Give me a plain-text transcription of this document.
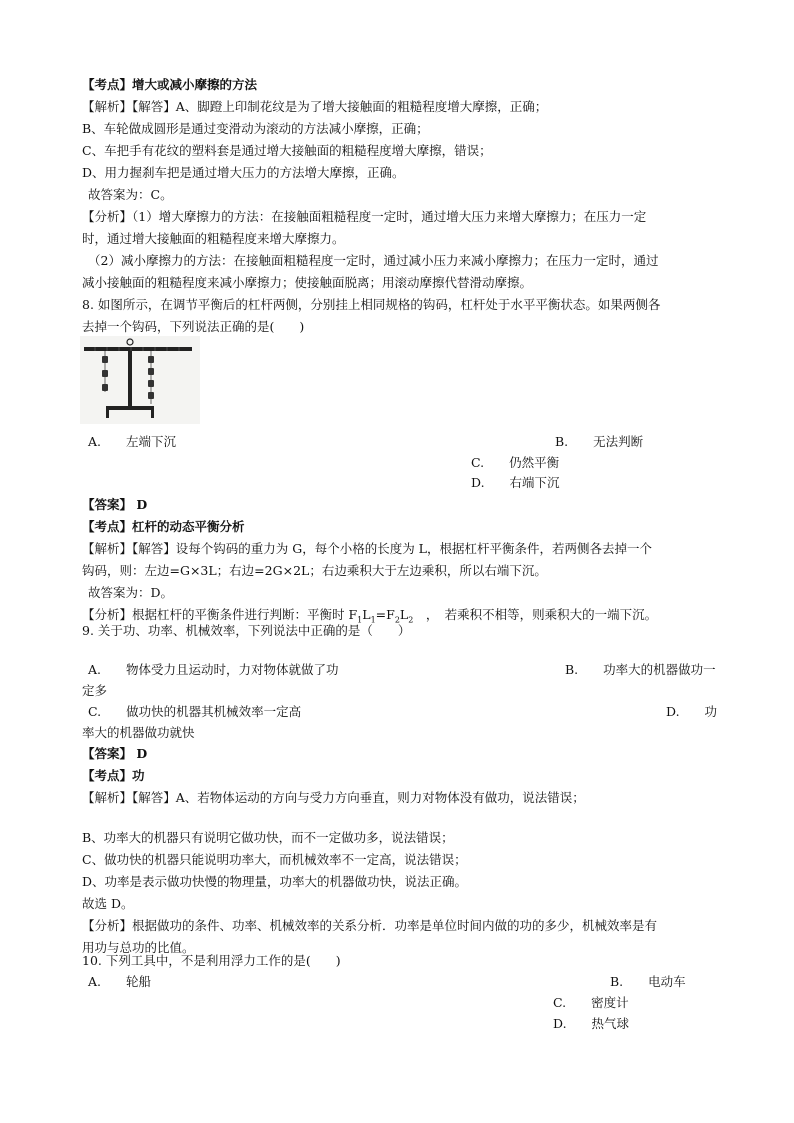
【考点】增大或减小摩擦的方法
【解析】【解答】A、脚蹬上印制花纹是为了增大接触面的粗糙程度增大摩擦，正确；
B、车轮做成圆形是通过变滑动为滚动的方法减小摩擦，正确；
C、车把手有花纹的塑料套是通过增大接触面的粗糙程度增大摩擦，错误；
D、用力握刹车把是通过增大压力的方法增大摩擦，正确。
故答案为：C。
【分析】（1）增大摩擦力的方法：在接触面粗糙程度一定时，通过增大压力来增大摩擦力；在压力一定
时，通过增大接触面的粗糙程度来增大摩擦力。
（2）减小摩擦力的方法：在接触面粗糙程度一定时，通过减小压力来减小摩擦力；在压力一定时，通过
减小接触面的粗糙程度来减小摩擦力；使接触面脱离；用滚动摩擦代替滑动摩擦。
8. 如图所示，在调节平衡后的杠杆两侧，分别挂上相同规格的钩码，杠杆处于水平平衡状态。如果两侧各
去掉一个钩码，下列说法正确的是(　　)
A.　　左端下沉	B.　　无法判断
C.　　仍然平衡
D.　　右端下沉
【答案】 D
【考点】杠杆的动态平衡分析
【解析】【解答】设每个钩码的重力为 G，每个小格的长度为 L，根据杠杆平衡条件，若两侧各去掉一个
钩码，则：左边=G×3L；右边=2G×2L；右边乘积大于左边乘积，所以右端下沉。
故答案为：D。
【分析】根据杠杆的平衡条件进行判断：平衡时 $F_1L_1=F_2L_2$　，　若乘积不相等，则乘积大的一端下沉。
9. 关于功、功率、机械效率，下列说法中正确的是（　　）
A.　　物体受力且运动时，力对物体就做了功	B.　　功率大的机器做功一
定多
C.　　做功快的机器其机械效率一定高	D.　　功
率大的机器做功就快
【答案】 D
【考点】功
【解析】【解答】A、若物体运动的方向与受力方向垂直，则力对物体没有做功，说法错误；
B、功率大的机器只有说明它做功快，而不一定做功多，说法错误；
C、做功快的机器只能说明功率大，而机械效率不一定高，说法错误；
D、功率是表示做功快慢的物理量，功率大的机器做功快，说法正确。
故选 D。
【分析】根据做功的条件、功率、机械效率的关系分析．功率是单位时间内做的功的多少，机械效率是有
用功与总功的比值。
10. 下列工具中，不是利用浮力工作的是(　　)
A.　　轮船	B.　　电动车
C.　　密度计
D.　　热气球
